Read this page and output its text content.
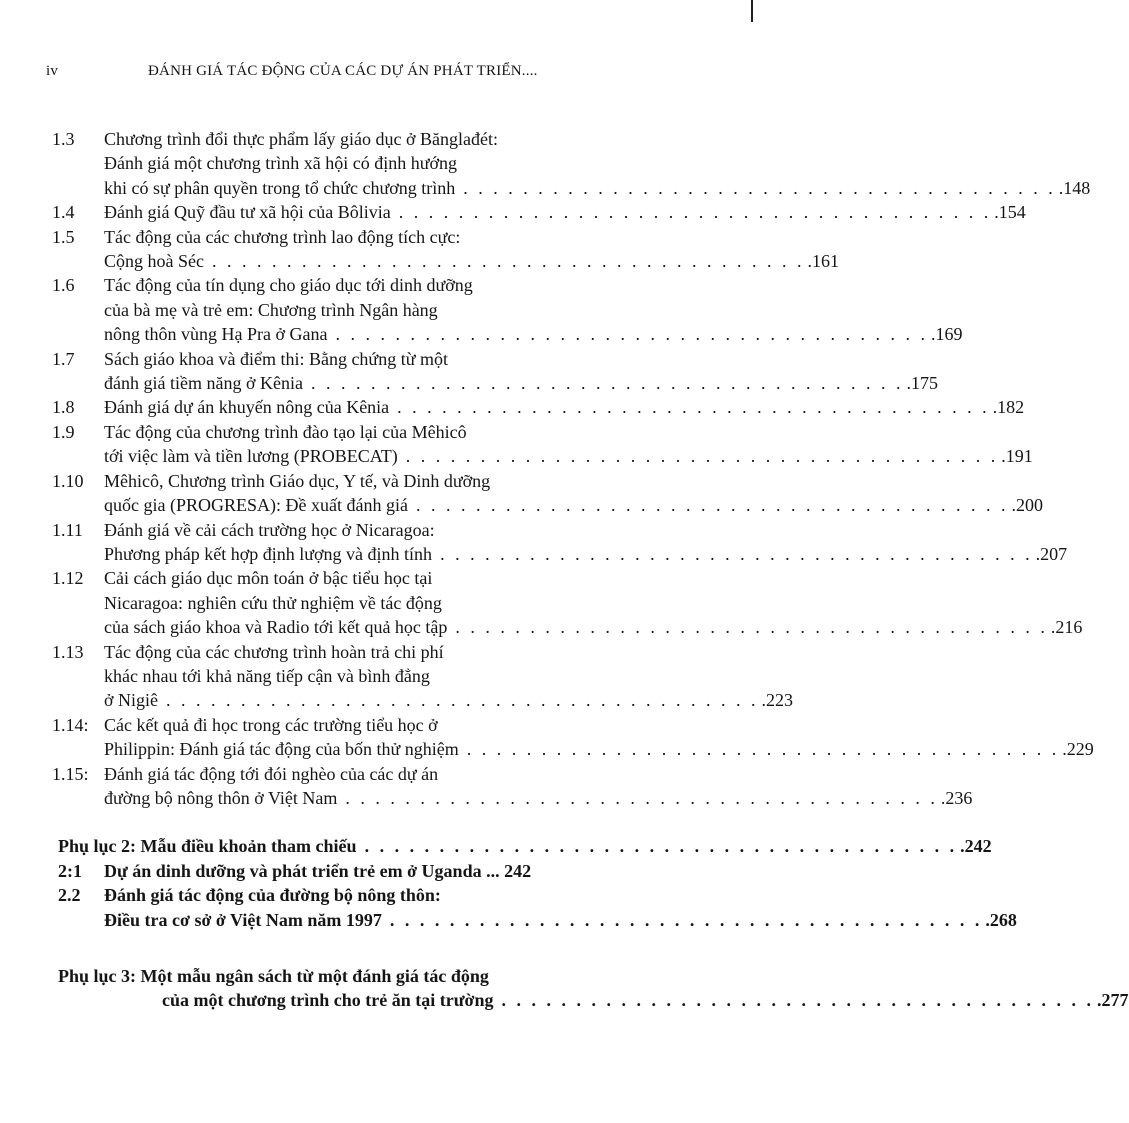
iv	ĐÁNH GIÁ TÁC ĐỘNG CỦA CÁC DỰ ÁN PHÁT TRIỂN....
1.3 Chương trình đổi thực phẩm lấy giáo dục ở Bănglađét:
Đánh giá một chương trình xã hội có định hướng
khi có sự phân quyền trong tổ chức chương trình . . . . . . . . . . . . . . . . . . . . . . . . . . . . . . . . . . . . . . . . .148
1.4 Đánh giá Quỹ đầu tư xã hội của Bôlivia . . . . . . . . . . . . . . . . . . . . . . . . . . . . . . . . . . . . . . . . .154
1.5 Tác động của các chương trình lao động tích cực:
Cộng hoà Séc . . . . . . . . . . . . . . . . . . . . . . . . . . . . . . . . . . . . . . . . .161
1.6 Tác động của tín dụng cho giáo dục tới dinh dưỡng
của bà mẹ và trẻ em: Chương trình Ngân hàng
nông thôn vùng Hạ Pra ở Gana . . . . . . . . . . . . . . . . . . . . . . . . . . . . . . . . . . . . . . . . .169
1.7 Sách giáo khoa và điểm thi: Bằng chứng từ một
đánh giá tiềm năng ở Kênia . . . . . . . . . . . . . . . . . . . . . . . . . . . . . . . . . . . . . . . . .175
1.8 Đánh giá dự án khuyến nông của Kênia . . . . . . . . . . . . . . . . . . . . . . . . . . . . . . . . . . . . . . . . .182
1.9 Tác động của chương trình đào tạo lại của Mêhicô
tới việc làm và tiền lương (PROBECAT) . . . . . . . . . . . . . . . . . . . . . . . . . . . . . . . . . . . . . . . . .191
1.10 Mêhicô, Chương trình Giáo dục, Y tế, và Dinh dưỡng
quốc gia (PROGRESA): Đề xuất đánh giá . . . . . . . . . . . . . . . . . . . . . . . . . . . . . . . . . . . . . . . . .200
1.11 Đánh giá về cải cách trường học ở Nicaragoa:
Phương pháp kết hợp định lượng và định tính . . . . . . . . . . . . . . . . . . . . . . . . . . . . . . . . . . . . . . . . .207
1.12 Cải cách giáo dục môn toán ở bậc tiểu học tại
Nicaragoa: nghiên cứu thử nghiệm về tác động
của sách giáo khoa và Radio tới kết quả học tập . . . . . . . . . . . . . . . . . . . . . . . . . . . . . . . . . . . . . . . . .216
1.13 Tác động của các chương trình hoàn trả chi phí
khác nhau tới khả năng tiếp cận và bình đẳng
ở Nigiê . . . . . . . . . . . . . . . . . . . . . . . . . . . . . . . . . . . . . . . . .223
1.14: Các kết quả đi học trong các trường tiểu học ở
Philippin: Đánh giá tác động của bốn thử nghiệm . . . . . . . . . . . . . . . . . . . . . . . . . . . . . . . . . . . . . . . . .229
1.15: Đánh giá tác động tới đói nghèo của các dự án
đường bộ nông thôn ở Việt Nam . . . . . . . . . . . . . . . . . . . . . . . . . . . . . . . . . . . . . . . . .236
Phụ lục 2: Mẫu điều khoản tham chiếu . . . . . . . . . . . . . . . . . . . . . . . . . . . . . . . . . . . . . . . . .242
2:1 Dự án dinh dưỡng và phát triển trẻ em ở Uganda ... 242
2.2 Đánh giá tác động của đường bộ nông thôn:
Điều tra cơ sở ở Việt Nam năm 1997 . . . . . . . . . . . . . . . . . . . . . . . . . . . . . . . . . . . . . . . . .268
Phụ lục 3: Một mẫu ngân sách từ một đánh giá tác động
của một chương trình cho trẻ ăn tại trường . . . . . . . . . . . . . . . . . . . . . . . . . . . . . . . . . . . . . . . . .277
